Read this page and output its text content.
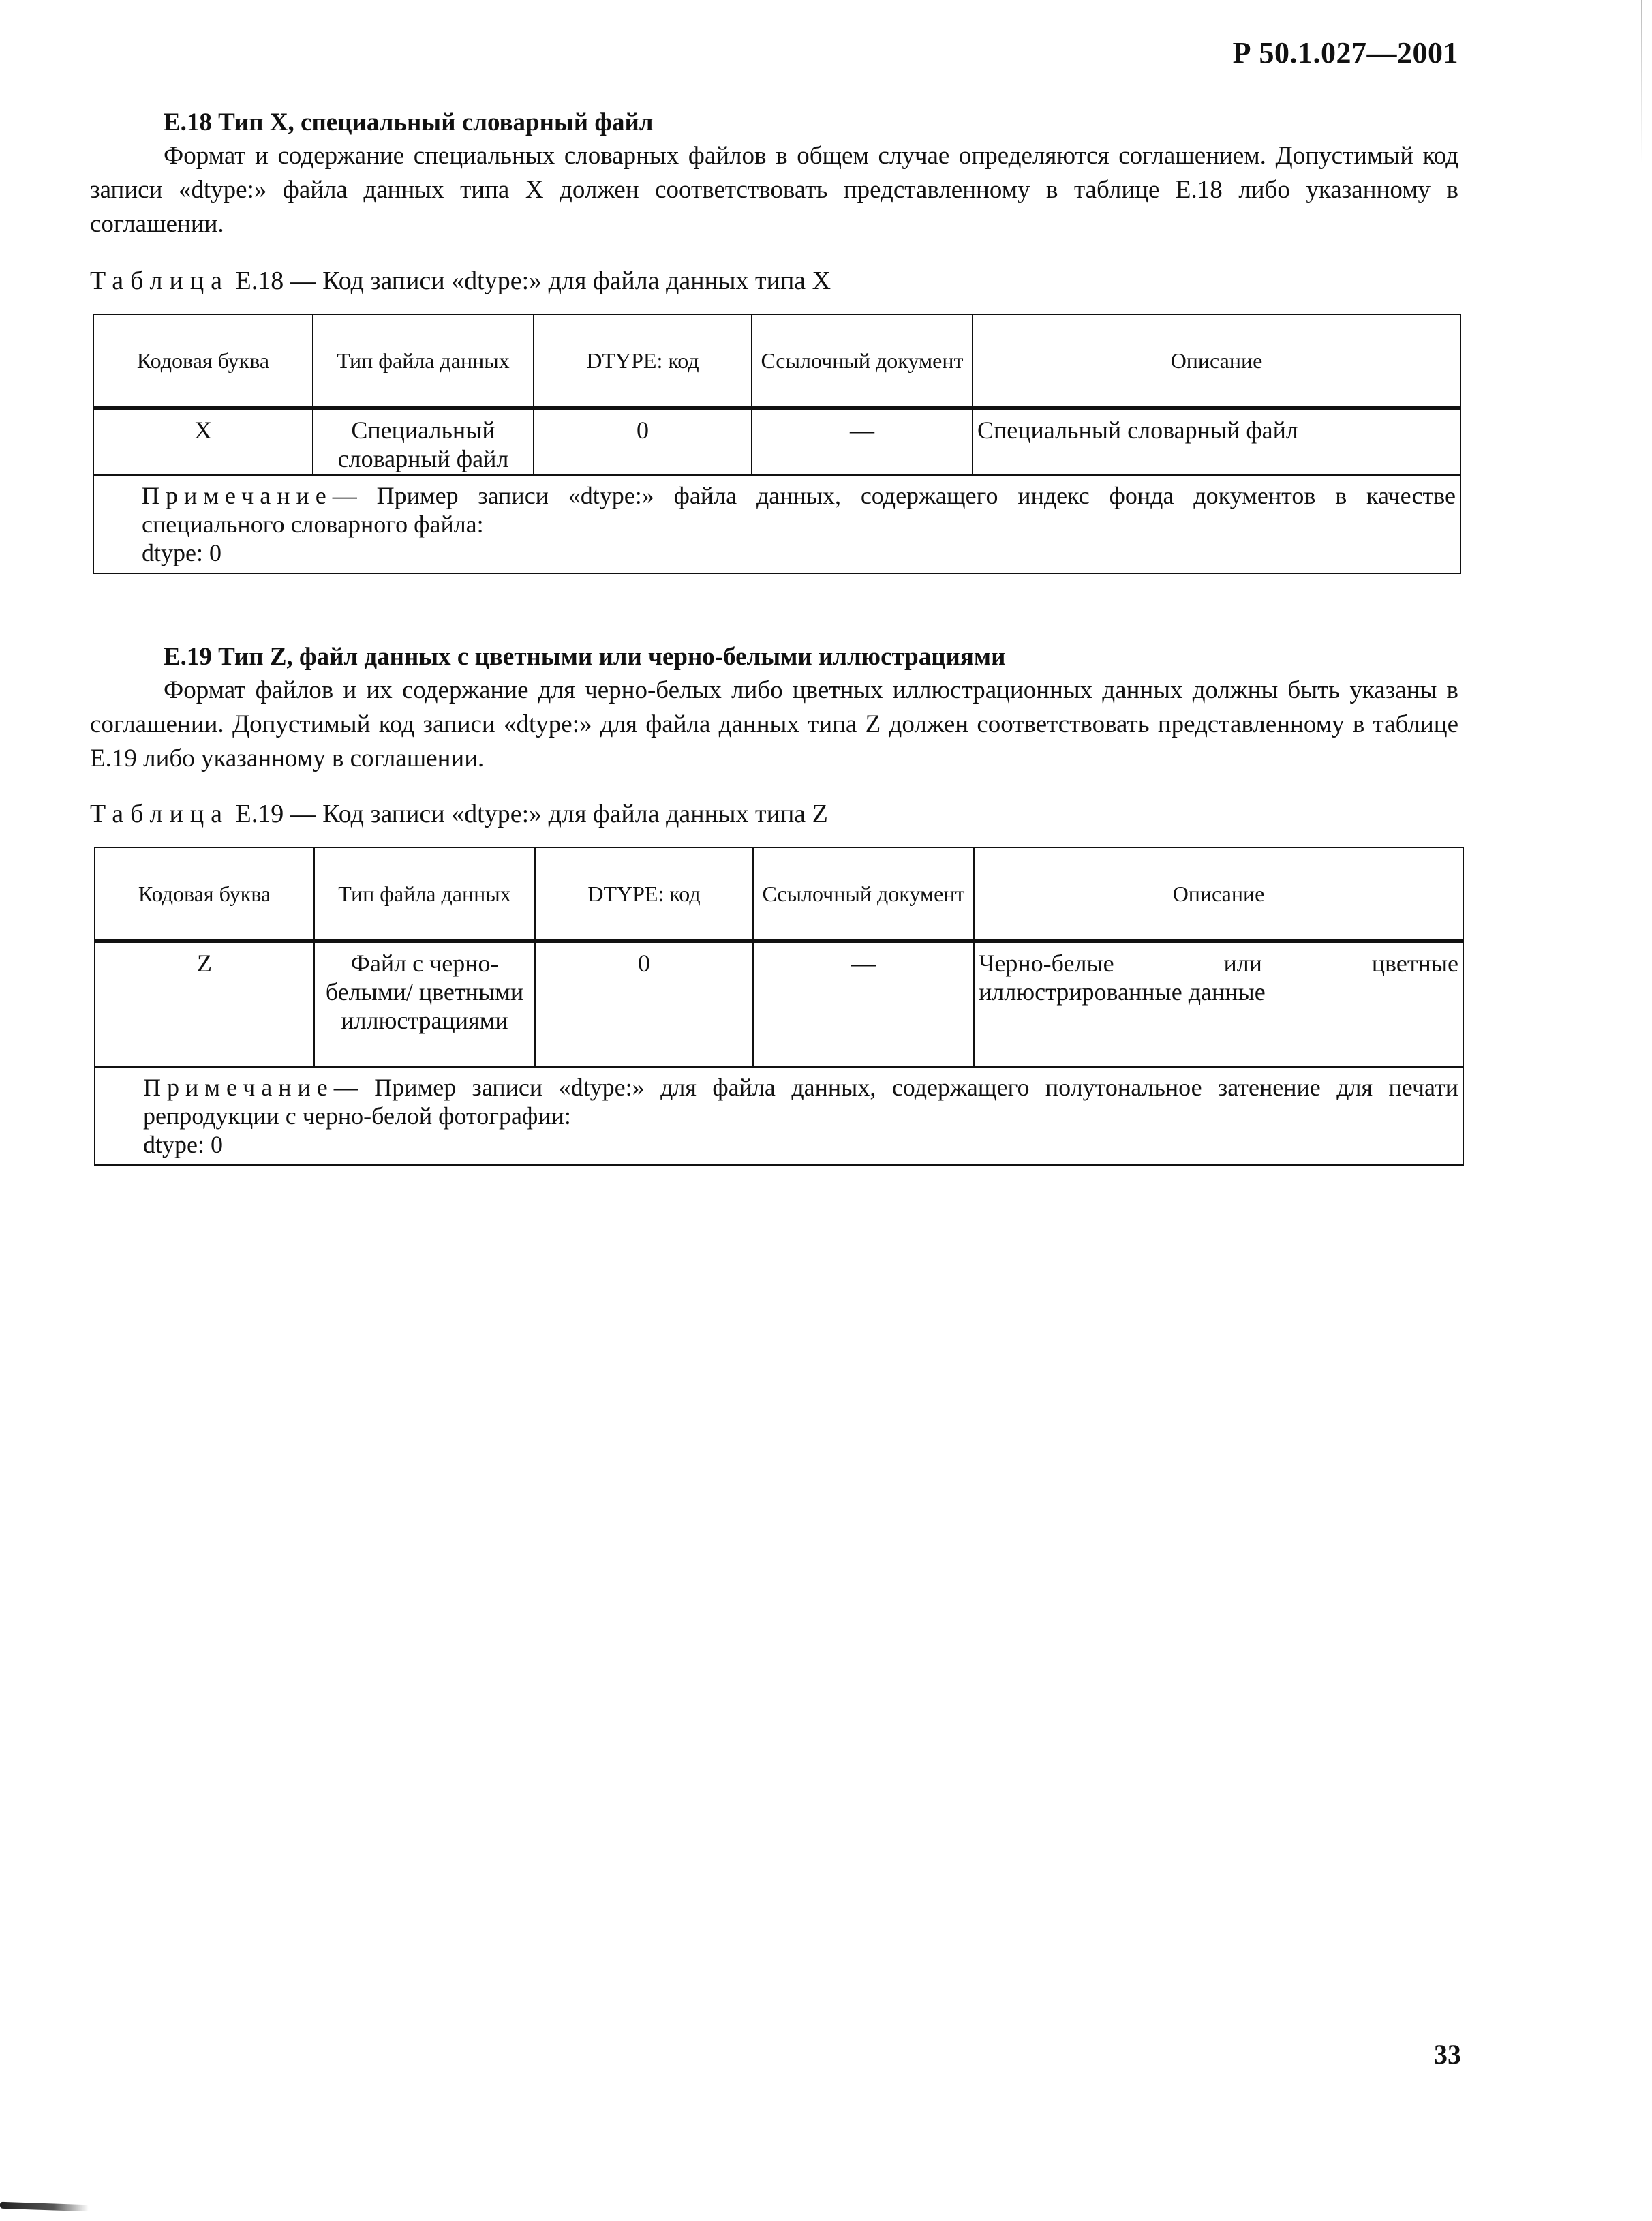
Р 50.1.027—2001
Е.18 Тип X, специальный словарный файл
Формат и содержание специальных словарных файлов в общем случае определяются соглашением. Допустимый код записи «dtype:» файла данных типа X должен соответствовать представленному в таблице Е.18 либо указанному в соглашении.
Таблица Е.18 — Код записи «dtype:» для файла данных типа X
Кодовая буква	Тип файла данных	DTYPE: код	Ссылочный документ	Описание
X	Специальный словарный файл	0	—	Специальный словарный файл

Примечание— Пример записи «dtype:» файла данных, содержащего индекс фонда документов в качестве специального словарного файла:
dtype: 0				
Е.19 Тип Z, файл данных с цветными или черно-белыми иллюстрациями
Формат файлов и их содержание для черно-белых либо цветных иллюстрационных данных должны быть указаны в соглашении. Допустимый код записи «dtype:» для файла данных типа Z должен соответствовать представленному в таблице Е.19 либо указанному в соглашении.
Таблица Е.19 — Код записи «dtype:» для файла данных типа Z
Кодовая буква	Тип файла данных	DTYPE: код	Ссылочный документ	Описание
Z	Файл с черно-белыми/ цветными иллюстрациями	0	—	Черно-белые или цветные иллюстрированные данные

Примечание— Пример записи «dtype:» для файла данных, содержащего полутональное затенение для печати репродукции с черно-белой фотографии:
dtype: 0				
33
